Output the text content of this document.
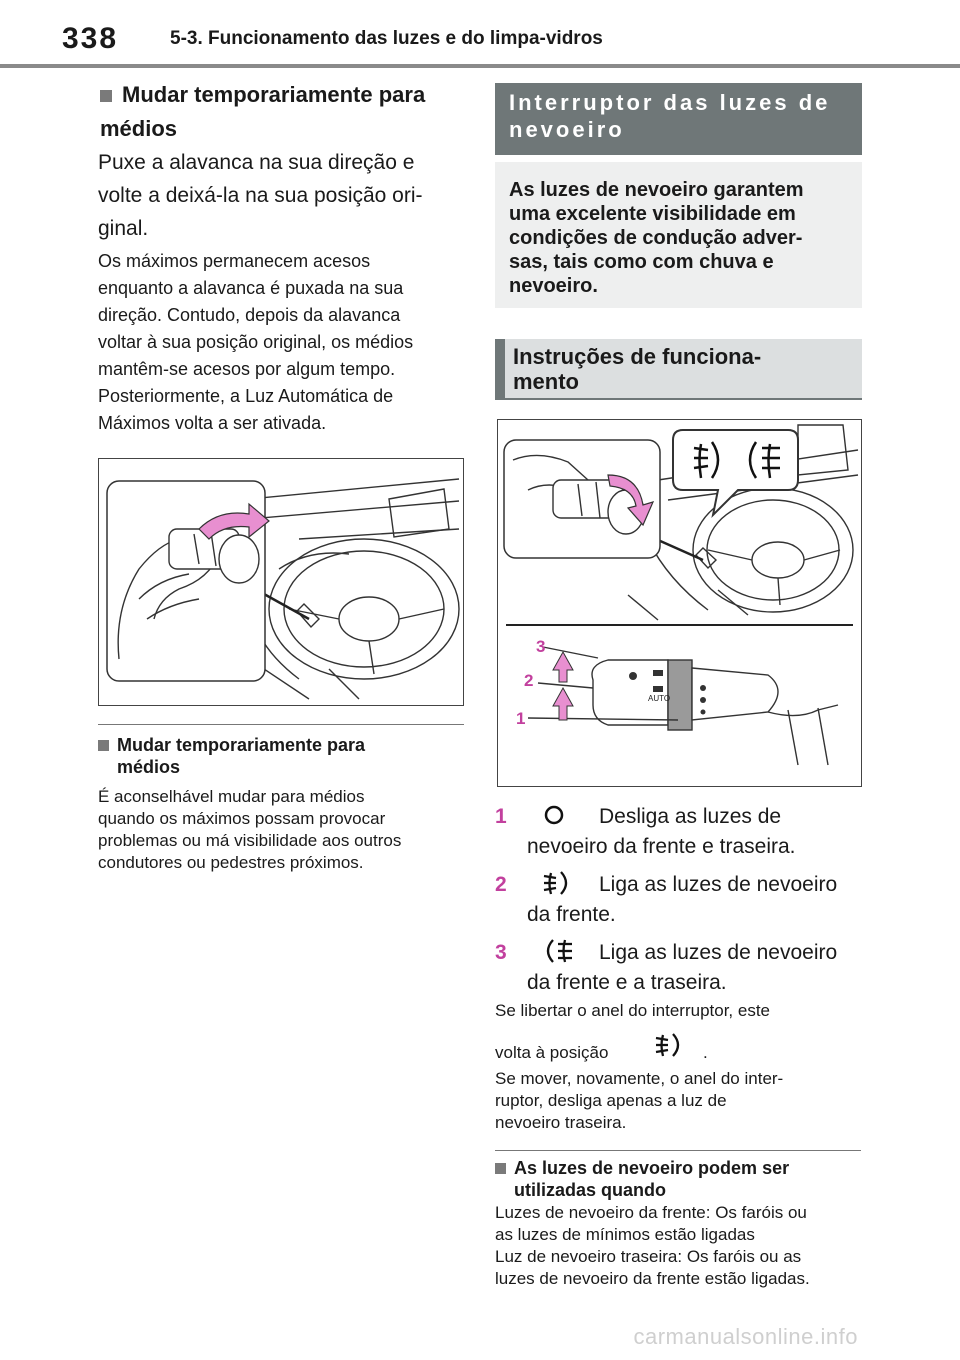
338	5-3. Funcionamento das luzes e do limpa-vidros
Mudar temporariamente para médios
Puxe a alavanca na sua direção e
volte a deixá-la na sua posição ori-
ginal.
Os máximos permanecem acesos
enquanto a alavanca é puxada na sua
direção. Contudo, depois da alavanca
voltar à sua posição original, os médios
mantêm-se acesos por algum tempo.
Posteriormente, a Luz Automática de
Máximos volta a ser ativada.
Mudar temporariamente para
médios
É aconselhável mudar para médios
quando os máximos possam provocar
problemas ou má visibilidade aos outros
condutores ou pedestres próximos.
Interruptor das luzes de
nevoeiro
As luzes de nevoeiro garantem
uma excelente visibilidade em
condições de condução adver-
sas, tais como com chuva e
nevoeiro.
Instruções de funciona-
mento
AUTO
3
2
1
1	Desliga as luzes de
nevoeiro da frente e traseira.
2	Liga as luzes de nevoeiro
da frente.
3	Liga as luzes de nevoeiro
da frente e a traseira.
Se libertar o anel do interruptor, este
volta à posição	.
Se mover, novamente, o anel do inter-
ruptor, desliga apenas a luz de
nevoeiro traseira.
As luzes de nevoeiro podem ser
utilizadas quando
Luzes de nevoeiro da frente: Os faróis ou
as luzes de mínimos estão ligadas
Luz de nevoeiro traseira: Os faróis ou as
luzes de nevoeiro da frente estão ligadas.
carmanualsonline.info
